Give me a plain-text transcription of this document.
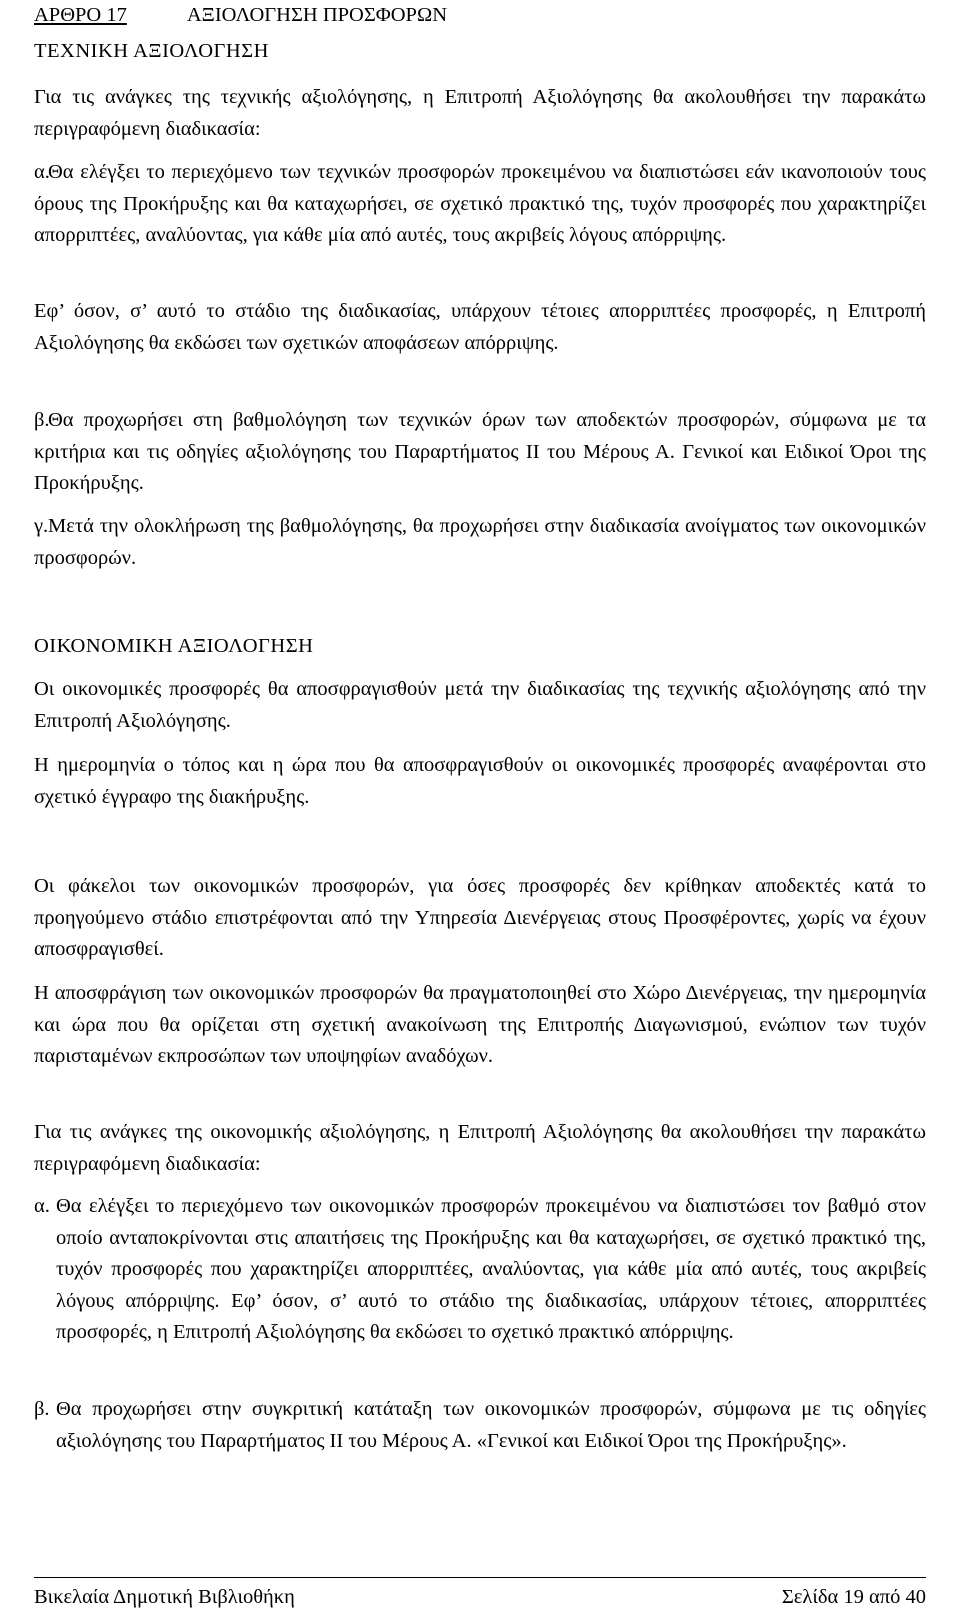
ΑΡΘΡΟ 17	ΑΞΙΟΛΟΓΗΣΗ ΠΡΟΣΦΟΡΩΝ
ΤΕΧΝΙΚΗ ΑΞΙΟΛΟΓΗΣΗ

Για τις ανάγκες της τεχνικής αξιολόγησης, η Επιτροπή Αξιολόγησης θα ακολουθήσει την παρακάτω περιγραφόμενη διαδικασία:

α.

Θα ελέγξει το περιεχόμενο των τεχνικών προσφορών προκειμένου να διαπιστώσει εάν ικανοποιούν τους όρους της Προκήρυξης και θα καταχωρήσει, σε σχετικό πρακτικό της, τυχόν προσφορές που χαρακτηρίζει απορριπτέες, αναλύοντας, για κάθε μία από αυτές, τους ακριβείς λόγους απόρριψης.

Εφ’ όσον, σ’ αυτό το στάδιο της διαδικασίας, υπάρχουν τέτοιες απορριπτέες προσφορές, η Επιτροπή Αξιολόγησης θα εκδώσει των σχετικών αποφάσεων απόρριψης.

β.

Θα προχωρήσει στη βαθμολόγηση των τεχνικών όρων των αποδεκτών προσφορών, σύμφωνα με τα κριτήρια και τις οδηγίες αξιολόγησης του Παραρτήματος ΙΙ του Μέρους Α. Γενικοί και Ειδικοί Όροι της Προκήρυξης.

γ. Μετά την ολοκλήρωση της βαθμολόγησης, θα προχωρήσει στην διαδικασία ανοίγματος των οικονομικών προσφορών.

ΟΙΚΟΝΟΜΙΚΗ ΑΞΙΟΛΟΓΗΣΗ

Οι οικονομικές προσφορές θα αποσφραγισθούν μετά την διαδικασίας της τεχνικής αξιολόγησης από την Επιτροπή Αξιολόγησης.

Η ημερομηνία ο τόπος και η ώρα που θα αποσφραγισθούν οι οικονομικές προσφορές αναφέρονται στο σχετικό έγγραφο της διακήρυξης.

Οι φάκελοι των οικονομικών προσφορών, για όσες προσφορές δεν κρίθηκαν αποδεκτές κατά το προηγούμενο στάδιο επιστρέφονται από την Υπηρεσία Διενέργειας στους Προσφέροντες, χωρίς να έχουν αποσφραγισθεί.

Η αποσφράγιση των οικονομικών προσφορών θα πραγματοποιηθεί στο Χώρο Διενέργειας, την ημερομηνία και ώρα που θα ορίζεται στη σχετική ανακοίνωση της Επιτροπής Διαγωνισμού, ενώπιον των τυχόν παρισταμένων εκπροσώπων των υποψηφίων αναδόχων.

Για τις ανάγκες της οικονομικής αξιολόγησης, η Επιτροπή Αξιολόγησης θα ακολουθήσει την παρακάτω περιγραφόμενη διαδικασία:

α. Θα ελέγξει το περιεχόμενο των οικονομικών προσφορών προκειμένου να διαπιστώσει τον βαθμό στον οποίο ανταποκρίνονται στις απαιτήσεις της Προκήρυξης και θα καταχωρήσει, σε σχετικό πρακτικό της, τυχόν προσφορές που χαρακτηρίζει απορριπτέες, αναλύοντας, για κάθε μία από αυτές, τους ακριβείς λόγους απόρριψης. Εφ’ όσον, σ’ αυτό το στάδιο της διαδικασίας, υπάρχουν τέτοιες, απορριπτέες προσφορές, η Επιτροπή Αξιολόγησης θα εκδώσει το σχετικό πρακτικό απόρριψης.
β. Θα προχωρήσει στην συγκριτική κατάταξη των οικονομικών προσφορών, σύμφωνα με τις οδηγίες αξιολόγησης του Παραρτήματος ΙΙ του Μέρους Α. «Γενικοί και Ειδικοί Όροι της Προκήρυξης».
Βικελαία Δημοτική Βιβλιοθήκη	Σελίδα 19 από 40
